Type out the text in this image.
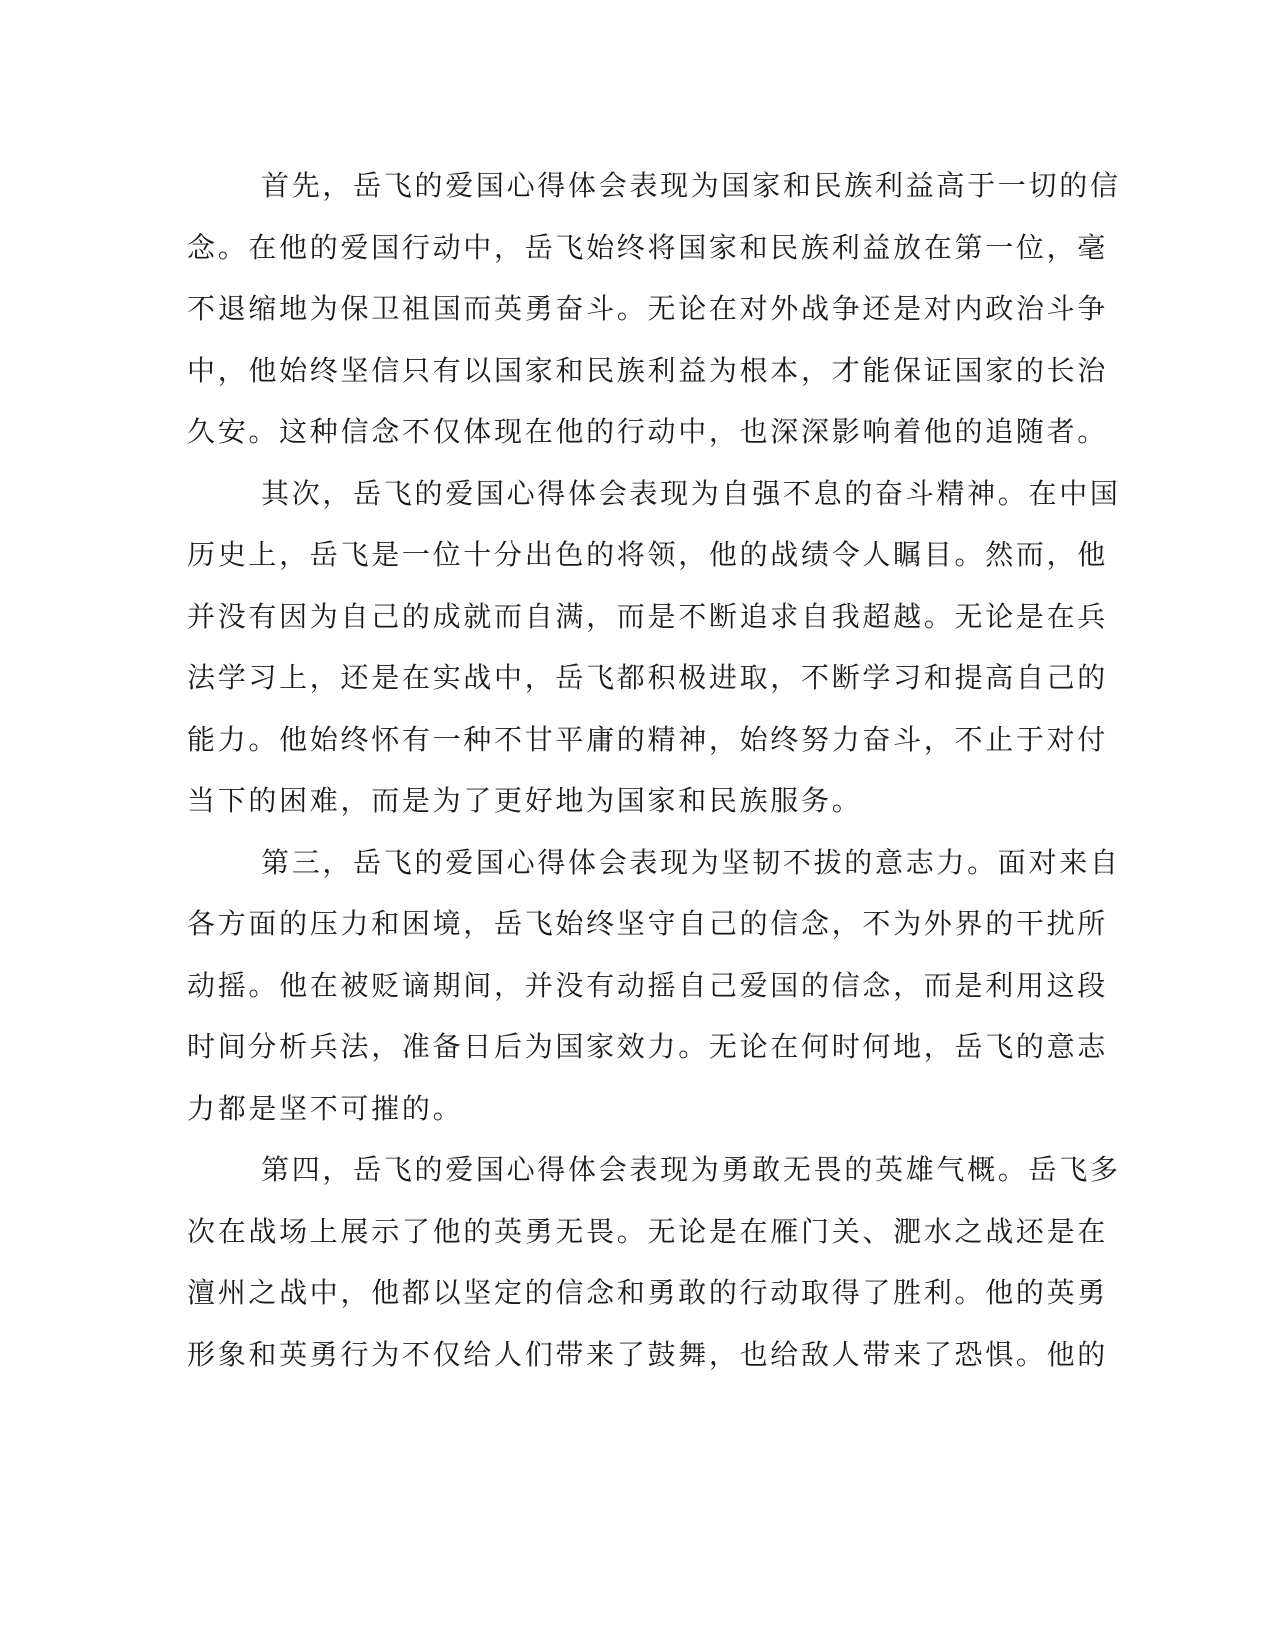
首先，岳飞的爱国心得体会表现为国家和民族利益高于一切的信
念。在他的爱国行动中，岳飞始终将国家和民族利益放在第一位，毫
不退缩地为保卫祖国而英勇奋斗。无论在对外战争还是对内政治斗争
中，他始终坚信只有以国家和民族利益为根本，才能保证国家的长治
久安。这种信念不仅体现在他的行动中，也深深影响着他的追随者。
其次，岳飞的爱国心得体会表现为自强不息的奋斗精神。在中国
历史上，岳飞是一位十分出色的将领，他的战绩令人瞩目。然而，他
并没有因为自己的成就而自满，而是不断追求自我超越。无论是在兵
法学习上，还是在实战中，岳飞都积极进取，不断学习和提高自己的
能力。他始终怀有一种不甘平庸的精神，始终努力奋斗，不止于对付
当下的困难，而是为了更好地为国家和民族服务。
第三，岳飞的爱国心得体会表现为坚韧不拔的意志力。面对来自
各方面的压力和困境，岳飞始终坚守自己的信念，不为外界的干扰所
动摇。他在被贬谪期间，并没有动摇自己爱国的信念，而是利用这段
时间分析兵法，准备日后为国家效力。无论在何时何地，岳飞的意志
力都是坚不可摧的。
第四，岳飞的爱国心得体会表现为勇敢无畏的英雄气概。岳飞多
次在战场上展示了他的英勇无畏。无论是在雁门关、淝水之战还是在
澶州之战中，他都以坚定的信念和勇敢的行动取得了胜利。他的英勇
形象和英勇行为不仅给人们带来了鼓舞，也给敌人带来了恐惧。他的
